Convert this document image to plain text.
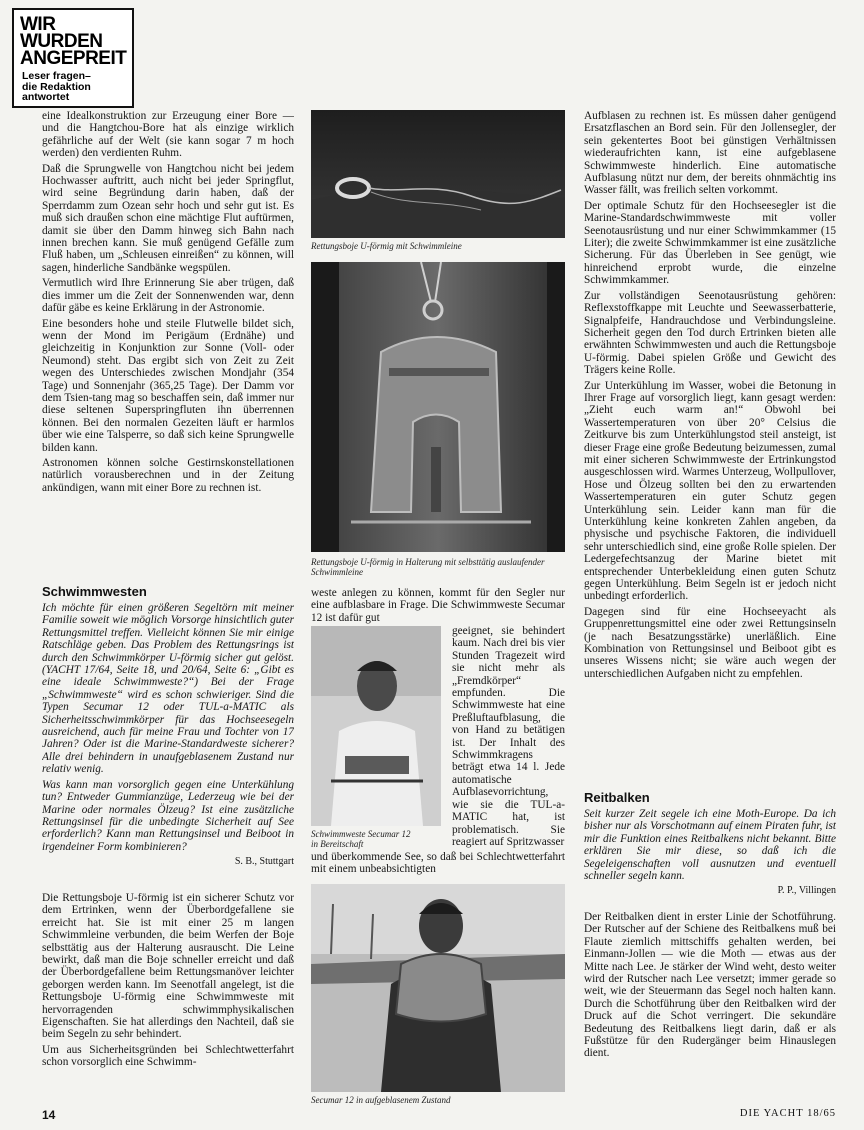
WIR
WURDEN
ANGEPREIT
Leser fragen–
die Redaktion
antwortet

eine Idealkonstruktion zur Erzeugung einer Bore — und die Hangtchou-Bore hat als einzige wirklich gefährliche auf der Welt (sie kann sogar 7 m hoch werden) den verdienten Ruhm.

Daß die Sprungwelle von Hangtchou nicht bei jedem Hochwasser auftritt, auch nicht bei jeder Springflut, wird seine Begründung darin haben, daß der Sperrdamm zum Ozean sehr hoch und sehr gut ist. Es muß sich draußen schon eine mächtige Flut auftürmen, damit sie über den Damm hinweg sich Bahn nach innen brechen kann. Sie muß genügend Gefälle zum Fluß haben, um „Schleusen einreißen“ zu können, will sagen, hinderliche Sandbänke wegspülen.

Vermutlich wird Ihre Erinnerung Sie aber trügen, daß dies immer um die Zeit der Sonnenwenden war, denn dafür gäbe es keine Erklärung in der Astronomie.

Eine besonders hohe und steile Flutwelle bildet sich, wenn der Mond im Perigäum (Erdnähe) und gleichzeitig in Konjunktion zur Sonne (Voll- oder Neumond) steht. Das ergibt sich von Zeit zu Zeit wegen des Unterschiedes zwischen Mondjahr (354 Tage) und Sonnenjahr (365,25 Tage). Der Damm vor dem Tsien-tang mag so beschaffen sein, daß immer nur diese seltenen Superspringfluten ihn überrennen können. Bei den normalen Gezeiten läuft er harmlos über wie eine Talsperre, so daß sich keine Sprungwelle bilden kann.

Astronomen können solche Gestirnskonstellationen natürlich vorausberechnen und in der Zeitung ankündigen, wann mit einer Bore zu rechnen ist.

Schwimmwesten

Ich möchte für einen größeren Segeltörn mit meiner Familie soweit wie möglich Vorsorge hinsichtlich guter Rettungsmittel treffen. Vielleicht können Sie mir einige Ratschläge geben. Das Problem des Rettungsrings ist durch den Schwimmkörper U-förmig sicher gut gelöst. (YACHT 17/64, Seite 18, und 20/64, Seite 6: „Gibt es eine ideale Schwimmweste?“) Bei der Frage „Schwimmweste“ wird es schon schwieriger. Sind die Typen Secumar 12 oder TUL-a-MATIC als Sicherheitsschwimmkörper für das Hochseesegeln ausreichend, auch für meine Frau und Tochter von 17 Jahren? Oder ist die Marine-Standardweste sicherer? Alle drei behindern in unaufgeblasenem Zustand nur relativ wenig.

Was kann man vorsorglich gegen eine Unterkühlung tun? Entweder Gummianzüge, Lederzeug wie bei der Marine oder normales Ölzeug? Ist eine zusätzliche Rettungsinsel für die unbedingte Sicherheit auf See erforderlich? Kann man Rettungsinsel und Beiboot in irgendeiner Form kombinieren?

S. B., Stuttgart

Die Rettungsboje U-förmig ist ein sicherer Schutz vor dem Ertrinken, wenn der Überbordgefallene sie erreicht hat. Sie ist mit einer 25 m langen Schwimmleine verbunden, die beim Werfen der Boje selbsttätig aus der Halterung ausrauscht. Die Leine bewirkt, daß man die Boje schneller erreicht und daß der Überbordgefallene beim Rettungsmanöver leichter geborgen werden kann. Im Seenotfall angelegt, ist die Rettungsboje U-förmig eine Schwimmweste mit hervorragenden schwimmphysikalischen Eigenschaften. Sie hat allerdings den Nachteil, daß sie beim Segeln zu sehr behindert.

Um aus Sicherheitsgründen bei Schlechtwetterfahrt schon vorsorglich eine Schwimm-

14
Rettungsboje U-förmig mit Schwimmleine
Rettungsboje U-förmig in Halterung mit selbsttätig auslaufender Schwimmleine

weste anlegen zu können, kommt für den Segler nur eine aufblasbare in Frage. Die Schwimmweste Secumar 12 ist dafür gut

Schwimmweste Secumar 12
in Bereitschaft

geeignet, sie behindert kaum. Nach drei bis vier Stunden Tragezeit wird sie nicht mehr als „Fremdkörper“ empfunden. Die Schwimmweste hat eine Preßluftaufblasung, die von Hand zu betätigen ist. Der Inhalt des Schwimmkragens beträgt etwa 14 l. Jede automatische Aufblasevorrichtung, wie sie die TUL-a-MATIC hat, ist problematisch. Sie reagiert auf Spritzwasser

und überkommende See, so daß bei Schlechtwetterfahrt mit einem unbeabsichtigten

Secumar 12 in aufgeblasenem Zustand

Aufblasen zu rechnen ist. Es müssen daher genügend Ersatzflaschen an Bord sein. Für den Jollensegler, der sein gekentertes Boot bei günstigen Verhältnissen wiederaufrichten kann, ist eine aufgeblasene Schwimmweste hinderlich. Eine automatische Aufblasung nützt nur dem, der bereits ohnmächtig ins Wasser fällt, was freilich selten vorkommt.

Der optimale Schutz für den Hochseesegler ist die Marine-Standardschwimmweste mit voller Seenotausrüstung und nur einer Schwimmkammer (15 Liter); die zweite Schwimmkammer ist eine zusätzliche Sicherung. Für das Überleben in See genügt, wie hinreichend erprobt wurde, die einzelne Schwimmkammer.

Zur vollständigen Seenotausrüstung gehören: Reflexstoffkappe mit Leuchte und Seewasserbatterie, Signalpfeife, Handrauchdose und Verbindungsleine. Sicherheit gegen den Tod durch Ertrinken bieten alle erwähnten Schwimmwesten und auch die Rettungsboje U-förmig. Dabei spielen Größe und Gewicht des Trägers keine Rolle.

Zur Unterkühlung im Wasser, wobei die Betonung in Ihrer Frage auf vorsorglich liegt, kann gesagt werden: „Zieht euch warm an!“ Obwohl bei Wassertemperaturen von über 20° Celsius die Zeitkurve bis zum Unterkühlungstod steil ansteigt, ist dieser Frage eine große Bedeutung beizumessen, zumal mit einer sicheren Schwimmweste der Ertrinkungstod ausgeschlossen wird. Warmes Unterzeug, Wollpullover, Hose und Ölzeug sollten bei den zu erwartenden Wassertemperaturen ein guter Schutz gegen Unterkühlung sein. Leider kann man für die Unterkühlung keine konkreten Zahlen angeben, da physische und psychische Faktoren, die individuell sehr unterschiedlich sind, eine große Rolle spielen. Der Ledergefechtsanzug der Marine bietet mit entsprechender Unterbekleidung einen guten Schutz gegen Unterkühlung. Beim Segeln ist er jedoch nicht unbedingt erforderlich.

Dagegen sind für eine Hochseeyacht als Gruppenrettungsmittel eine oder zwei Rettungsinseln (je nach Besatzungsstärke) unerläßlich. Eine Kombination von Rettungsinsel und Beiboot gibt es unseres Wissens nicht; sie wäre auch wegen der unterschiedlichen Aufgaben nicht zu empfehlen.

Reitbalken

Seit kurzer Zeit segele ich eine Moth-Europe. Da ich bisher nur als Vorschotmann auf einem Piraten fuhr, ist mir die Funktion eines Reitbalkens nicht bekannt. Bitte erklären Sie mir diese, so daß ich die Segeleigenschaften voll ausnutzen und eventuell schneller segeln kann.

P. P., Villingen

Der Reitbalken dient in erster Linie der Schotführung. Der Rutscher auf der Schiene des Reitbalkens muß bei Flaute ziemlich mittschiffs gehalten werden, bei Einmann-Jollen — wie die Moth — etwas aus der Mitte nach Lee. Je stärker der Wind weht, desto weiter wird der Rutscher nach Lee versetzt; immer gerade so weit, wie der Steuermann das Segel noch halten kann. Durch die Schotführung über den Reitbalken wird der Druck auf die Schot verringert. Die sekundäre Bedeutung des Reitbalkens liegt darin, daß er als Fußstütze für den Rudergänger beim Hinauslegen dient.

DIE YACHT 18/65
